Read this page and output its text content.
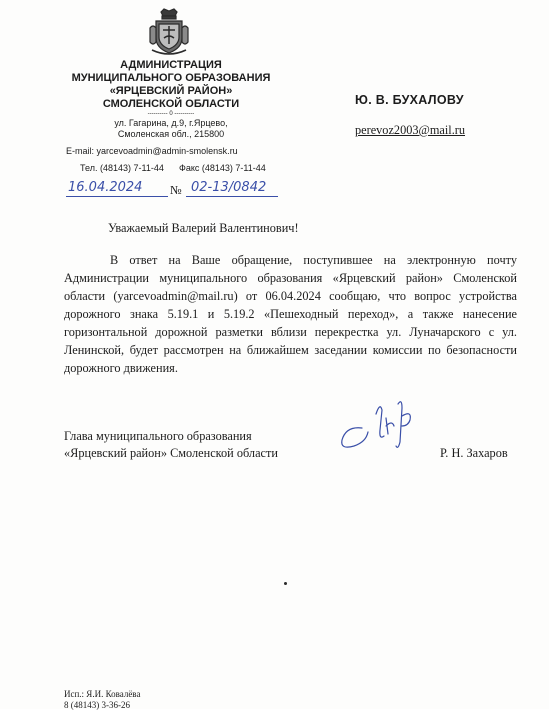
АДМИНИСТРАЦИЯ
МУНИЦИПАЛЬНОГО ОБРАЗОВАНИЯ
«ЯРЦЕВСКИЙ РАЙОН»
СМОЛЕНСКОЙ ОБЛАСТИ
---------- 0 ----------
ул. Гагарина, д.9, г.Ярцево,
Смоленская обл., 215800
E-mail: yarcevoadmin@admin-smolensk.ru
Тел. (48143) 7-11-44 Факс (48143) 7-11-44
16.04.2024 № 02-13/0842
Ю. В. БУХАЛОВУ
perevoz2003@mail.ru
Уважаемый Валерий Валентинович!

В ответ на Ваше обращение, поступившее на электронную почту Администрации муниципального образования «Ярцевский район» Смоленской области (yarcevoadmin@mail.ru) от 06.04.2024 сообщаю, что вопрос устройства дорожного знака 5.19.1 и 5.19.2 «Пешеходный переход», а также нанесение горизонтальной дорожной разметки вблизи перекрестка ул. Луначарского с ул. Ленинской, будет рассмотрен на ближайшем заседании комиссии по безопасности дорожного движения.

Глава муниципального образования
«Ярцевский район» Смоленской области	Р. Н. Захаров
Исп.: Я.И. Ковалёва
8 (48143) 3-36-26
